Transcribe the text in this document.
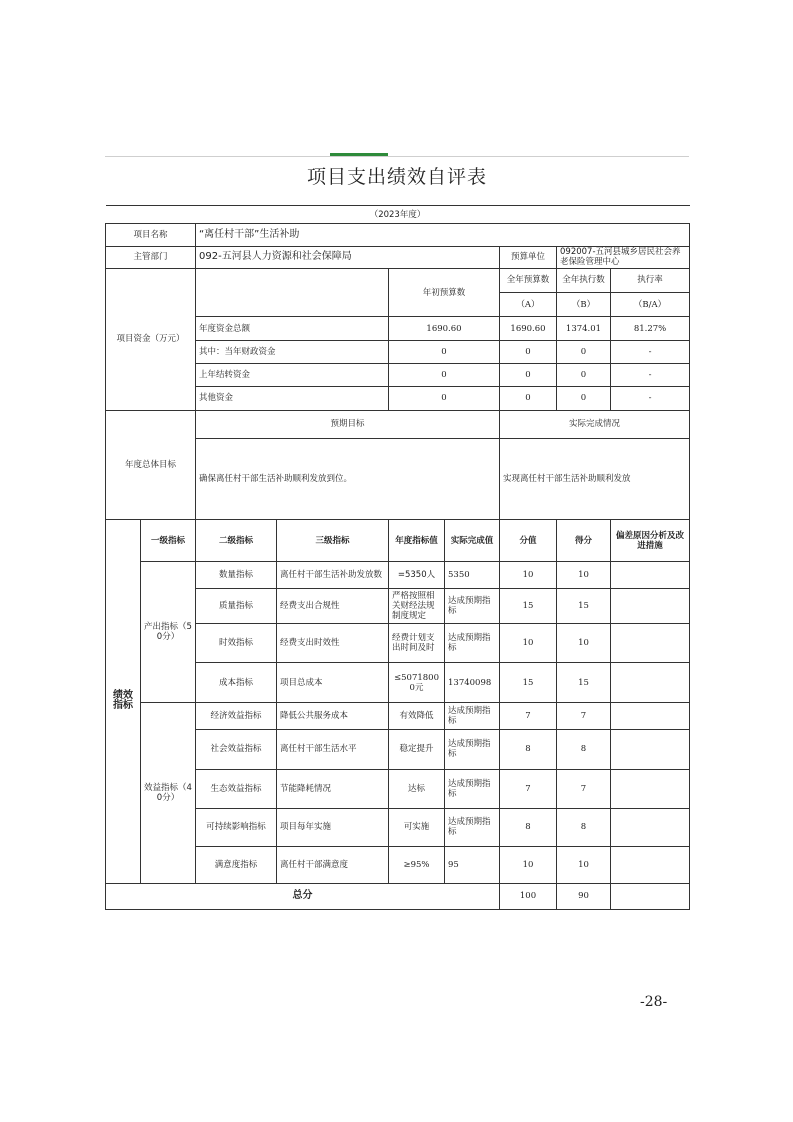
项目支出绩效自评表
（2023年度）								
项目名称		“离任村干部”生活补助						
主管部门		092-五河县人力资源和社会保障局				预算单位	092007-五河县城乡居民社会养老保险管理中心	
项目资金（万元）				年初预算数		全年预算数	全年执行数	执行率
						（A）	（B）	（B/A）
		年度资金总额		1690.60		1690.60	1374.01	81.27%
		其中：当年财政资金		0		0	0	-
		上年结转资金		0		0	0	-
		其他资金		0		0	0	-
年度总体目标		预期目标				实际完成情况		
		确保离任村干部生活补助顺利发放到位。				实现离任村干部生活补助顺利发放		
绩效指标	一级指标	二级指标	三级指标	年度指标值	实际完成值	分值	得分	偏差原因分析及改进措施
	产出指标（50分）	数量指标	离任村干部生活补助发放数	=5350人	5350	10	10	
		质量指标	经费支出合规性	严格按照相关财经法规制度规定	达成预期指标	15	15	
		时效指标	经费支出时效性	经费计划支出时间及时	达成预期指标	10	10	
		成本指标	项目总成本	≤50718000元	13740098	15	15	
	效益指标（40分）	经济效益指标	降低公共服务成本	有效降低	达成预期指标	7	7	
		社会效益指标	离任村干部生活水平	稳定提升	达成预期指标	8	8	
		生态效益指标	节能降耗情况	达标	达成预期指标	7	7	
		可持续影响指标	项目每年实施	可实施	达成预期指标	8	8	
		满意度指标	离任村干部满意度	≥95%	95	10	10	
总分						100	90	
-28-
